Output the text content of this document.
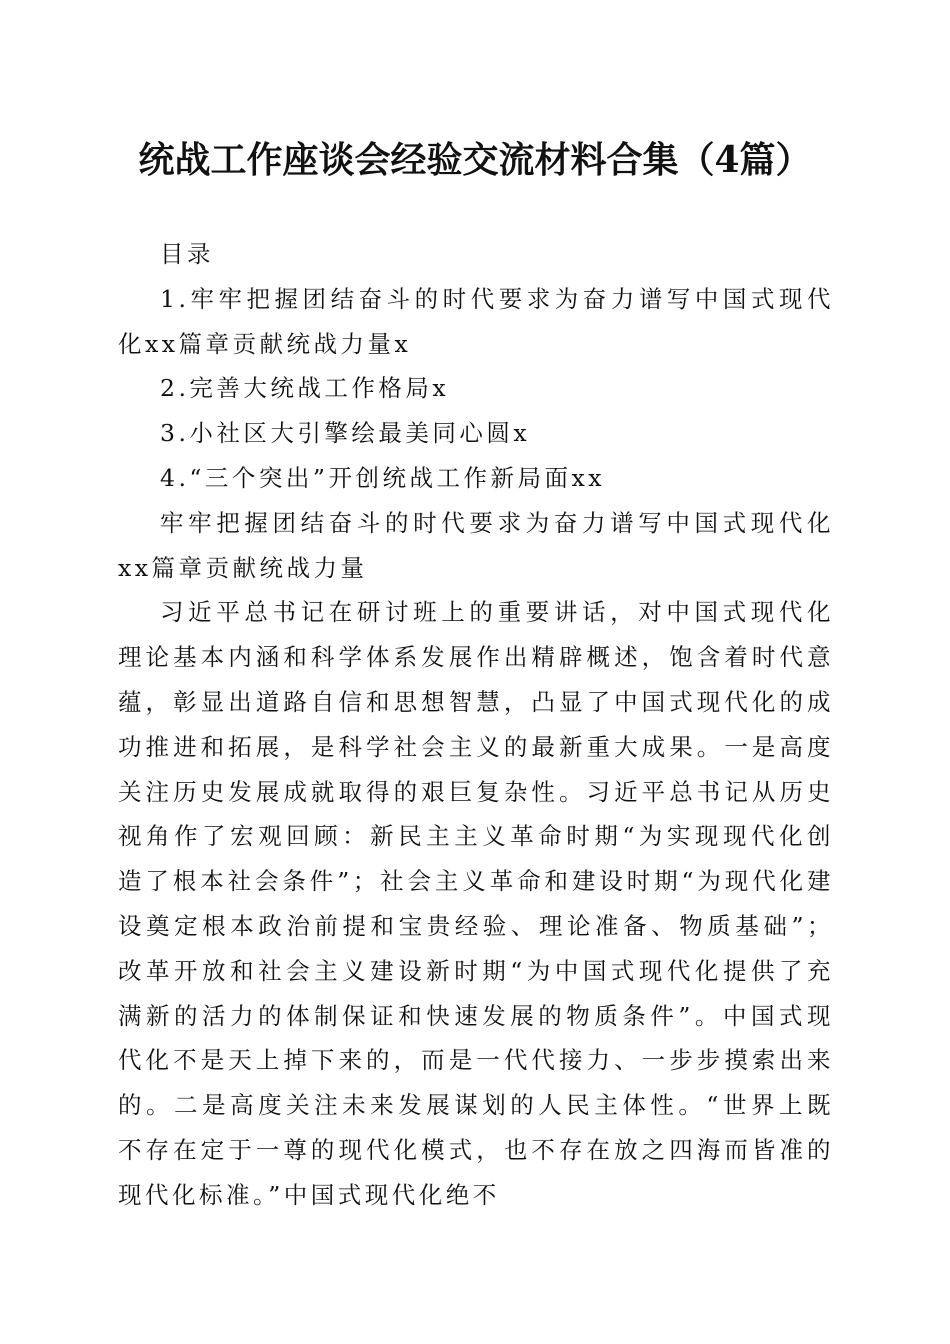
统战工作座谈会经验交流材料合集（4篇）

目录

1.牢牢把握团结奋斗的时代要求为奋力谱写中国式现代化xx篇章贡献统战力量x

2.完善大统战工作格局x

3.小社区大引擎绘最美同心圆x

4.“三个突出”开创统战工作新局面xx

牢牢把握团结奋斗的时代要求为奋力谱写中国式现代化xx篇章贡献统战力量

习近平总书记在研讨班上的重要讲话，对中国式现代化理论基本内涵和科学体系发展作出精辟概述，饱含着时代意蕴，彰显出道路自信和思想智慧，凸显了中国式现代化的成功推进和拓展，是科学社会主义的最新重大成果。一是高度关注历史发展成就取得的艰巨复杂性。习近平总书记从历史视角作了宏观回顾：新民主主义革命时期“为实现现代化创造了根本社会条件”；社会主义革命和建设时期“为现代化建设奠定根本政治前提和宝贵经验、理论准备、物质基础”；改革开放和社会主义建设新时期“为中国式现代化提供了充满新的活力的体制保证和快速发展的物质条件”。中国式现代化不是天上掉下来的，而是一代代接力、一步步摸索出来的。二是高度关注未来发展谋划的人民主体性。“世界上既不存在定于一尊的现代化模式，也不存在放之四海而皆准的现代化标准。”中国式现代化绝不
